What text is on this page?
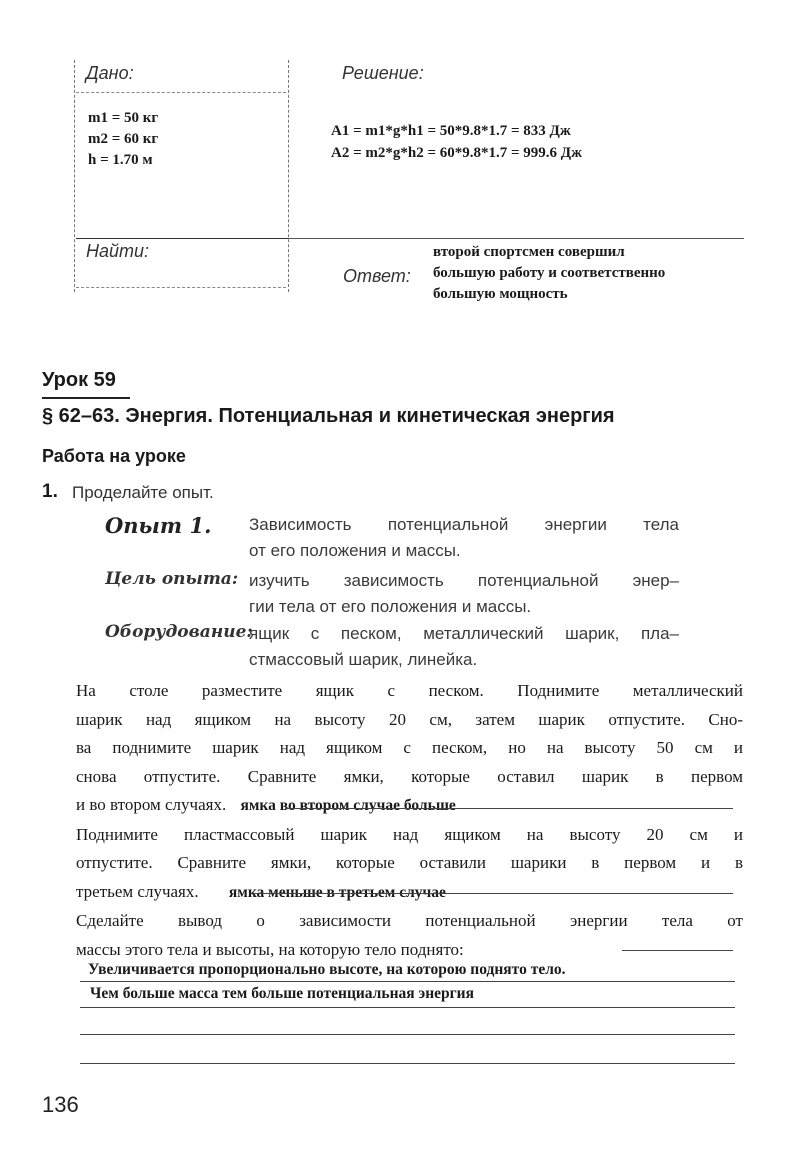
Дано:	Решение:
m1 = 50 кг
m2 = 60 кг
h = 1.70 м
A1 = m1*g*h1 = 50*9.8*1.7 = 833 Дж
A2 = m2*g*h2 = 60*9.8*1.7 = 999.6 Дж
Найти:
Ответ:
второй спортсмен совершил
большую работу и соответственно
большую мощность
Урок 59
§ 62–63. Энергия. Потенциальная и кинетическая энергия
Работа на уроке
1. Проделайте опыт.
Опыт 1. Зависимость потенциальной энергии тела
от его положения и массы.
Цель опыта: изучить зависимость потенциальной энер–
гии тела от его положения и массы.
Оборудование:
ящик с песком, металлический шарик, пла–
стмассовый шарик, линейка.
На столе разместите ящик с песком. Поднимите металлический
шарик над ящиком на высоту 20 см, затем шарик отпустите. Сно-
ва поднимите шарик над ящиком с песком, но на высоту 50 см и
снова отпустите. Сравните ямки, которые оставил шарик в первом
и во втором случаях. ямка во втором случае больше
Поднимите пластмассовый шарик над ящиком на высоту 20 см и
отпустите. Сравните ямки, которые оставили шарики в первом и в
третьем случаях. ямка меньше в третьем случае
Сделайте вывод о зависимости потенциальной энергии тела от
массы этого тела и высоты, на которую тело поднято:
Увеличивается пропорционально высоте, на которою поднято тело.
Чем больше масса тем больше потенциальная энергия
136
